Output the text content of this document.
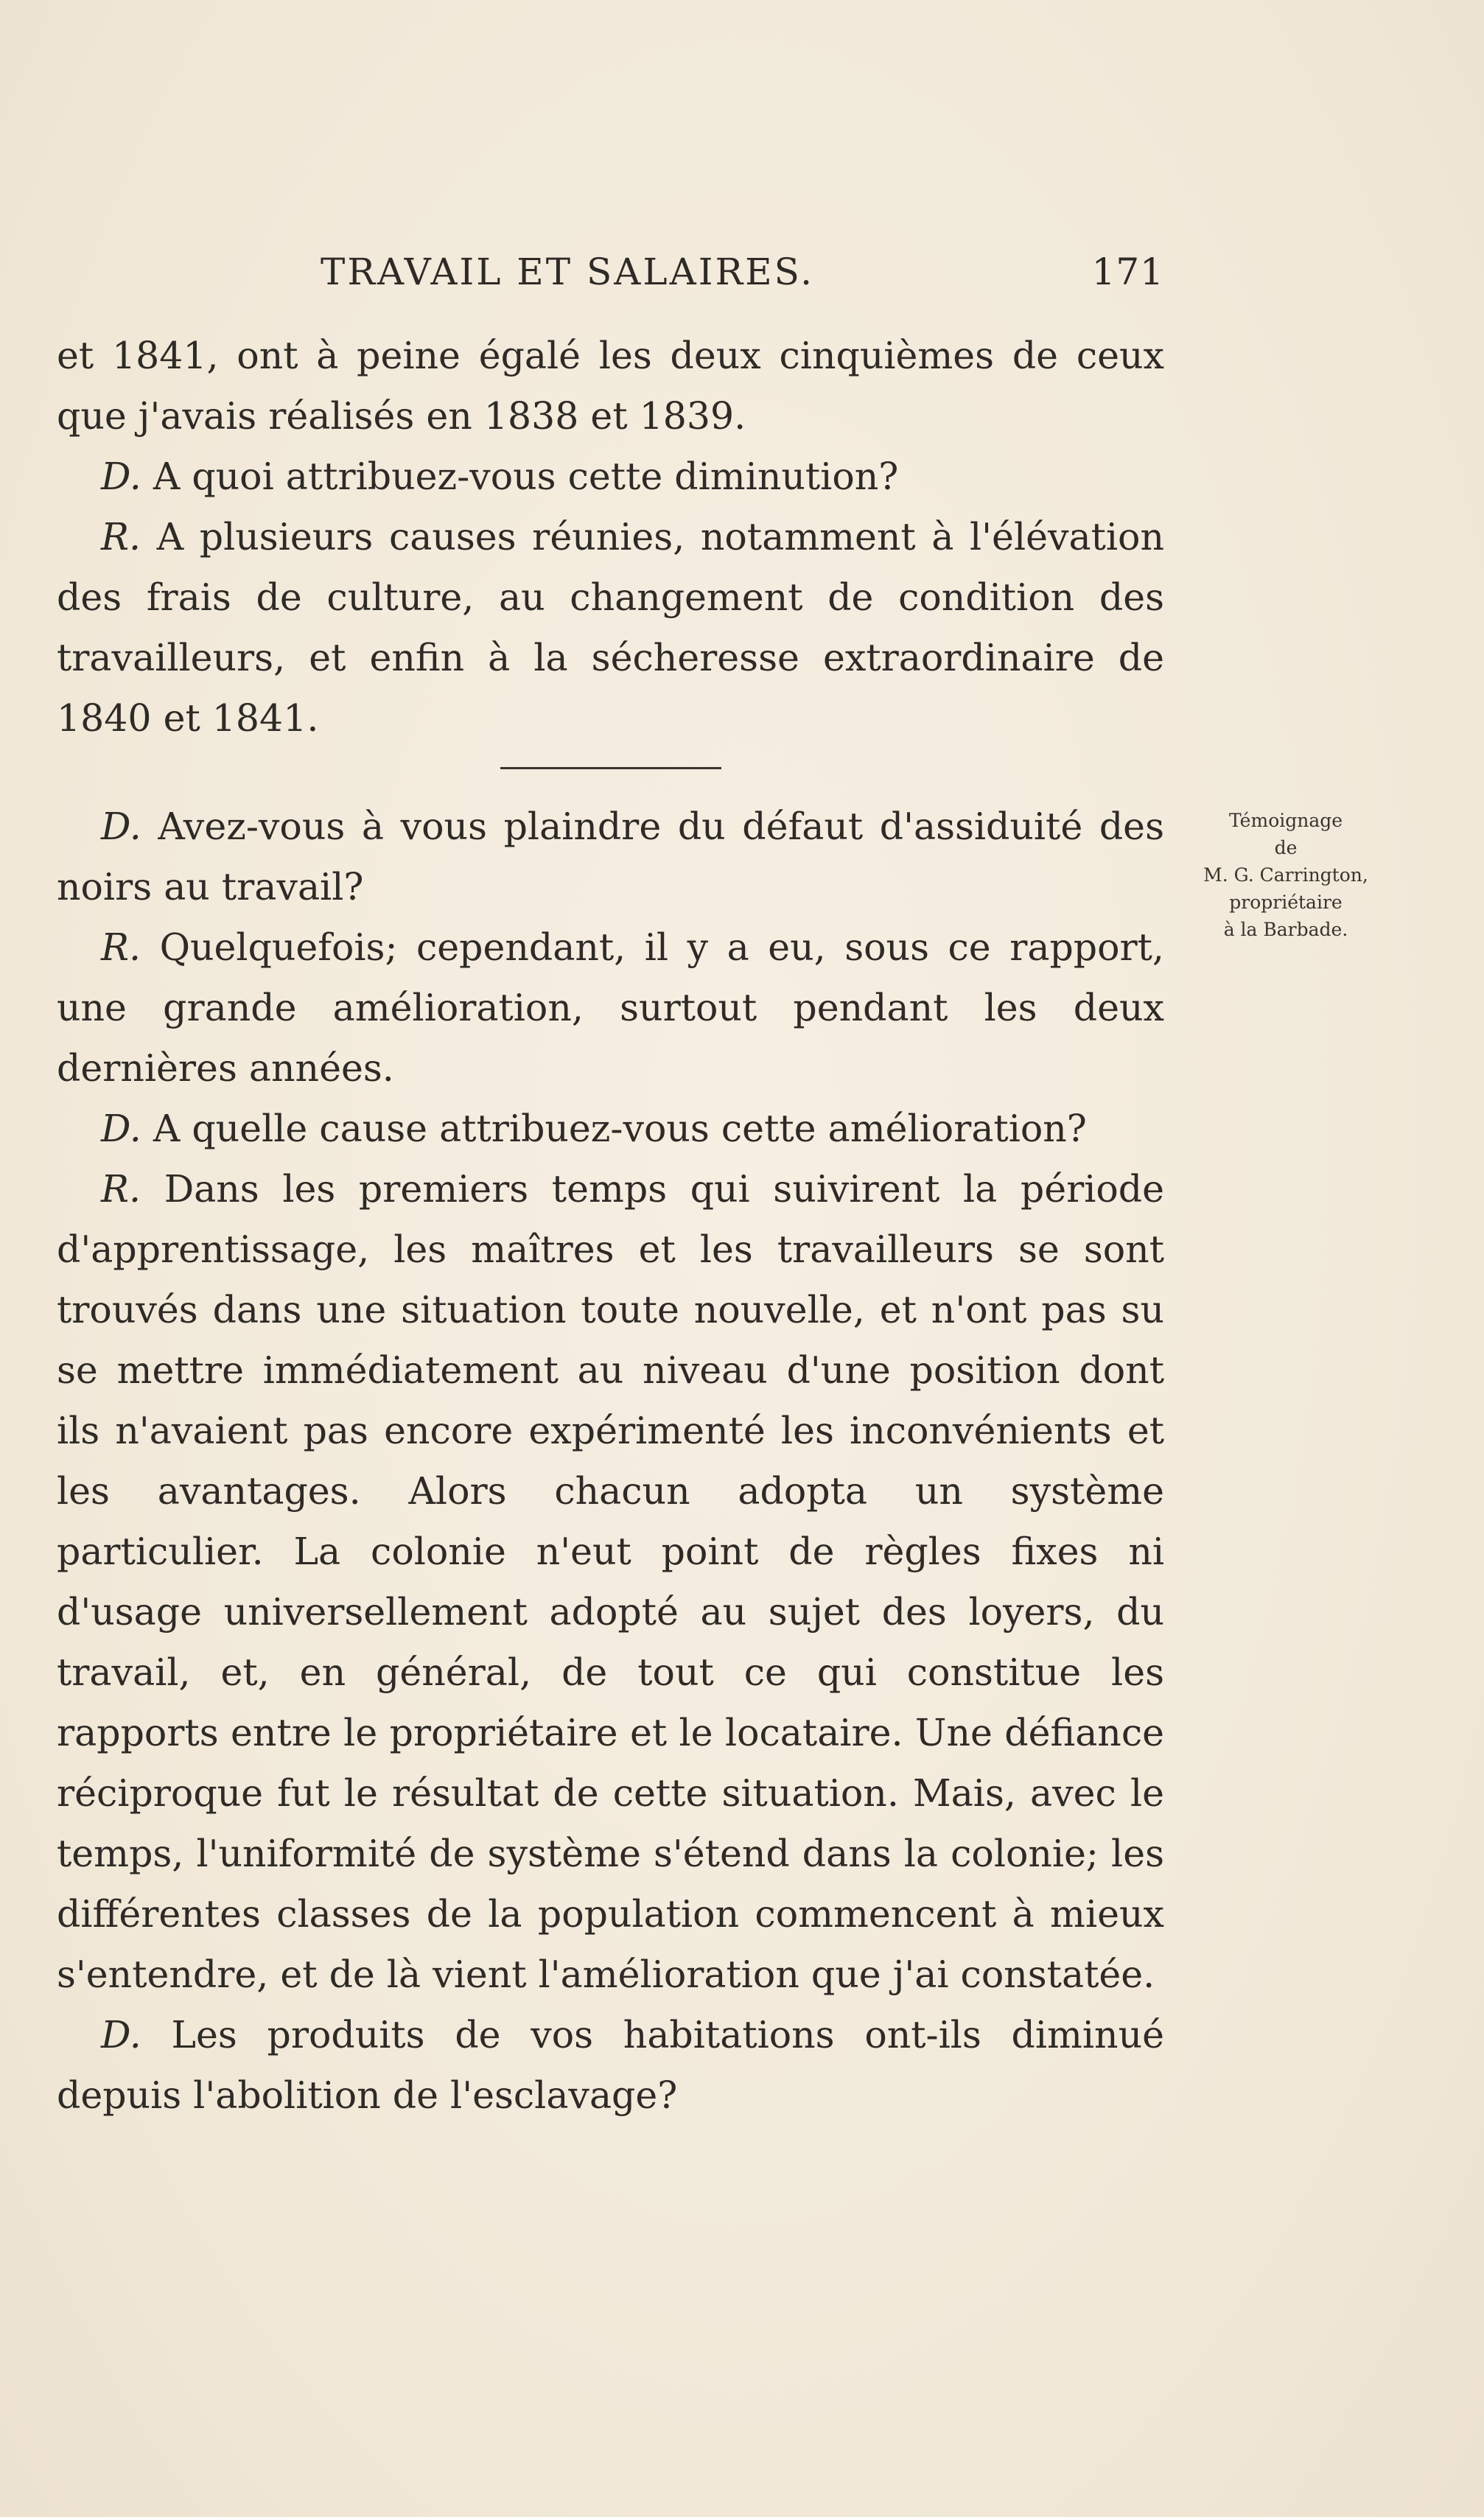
TRAVAIL ET SALAIRES.	171

et 1841, ont à peine égalé les deux cinquièmes de ceux que j'avais réalisés en 1838 et 1839.

D. A quoi attribuez-vous cette diminution?

R. A plusieurs causes réunies, notamment à l'élévation des frais de culture, au changement de condition des travailleurs, et enfin à la sécheresse extraordinaire de 1840 et 1841.

D. Avez-vous à vous plaindre du défaut d'assiduité des noirs au travail?

R. Quelquefois; cependant, il y a eu, sous ce rapport, une grande amélioration, surtout pendant les deux dernières années.

D. A quelle cause attribuez-vous cette amélioration?

R. Dans les premiers temps qui suivirent la période d'apprentissage, les maîtres et les travailleurs se sont trouvés dans une situation toute nouvelle, et n'ont pas su se mettre immédiatement au niveau d'une position dont ils n'avaient pas encore expérimenté les inconvénients et les avantages. Alors chacun adopta un système particulier. La colonie n'eut point de règles fixes ni d'usage universellement adopté au sujet des loyers, du travail, et, en général, de tout ce qui constitue les rapports entre le propriétaire et le locataire. Une défiance réciproque fut le résultat de cette situation. Mais, avec le temps, l'uniformité de système s'étend dans la colonie; les différentes classes de la population commencent à mieux s'entendre, et de là vient l'amélioration que j'ai constatée.

D. Les produits de vos habitations ont-ils diminué depuis l'abolition de l'esclavage?

Témoignage
de
M. G. Carrington,
propriétaire
à la Barbade.
